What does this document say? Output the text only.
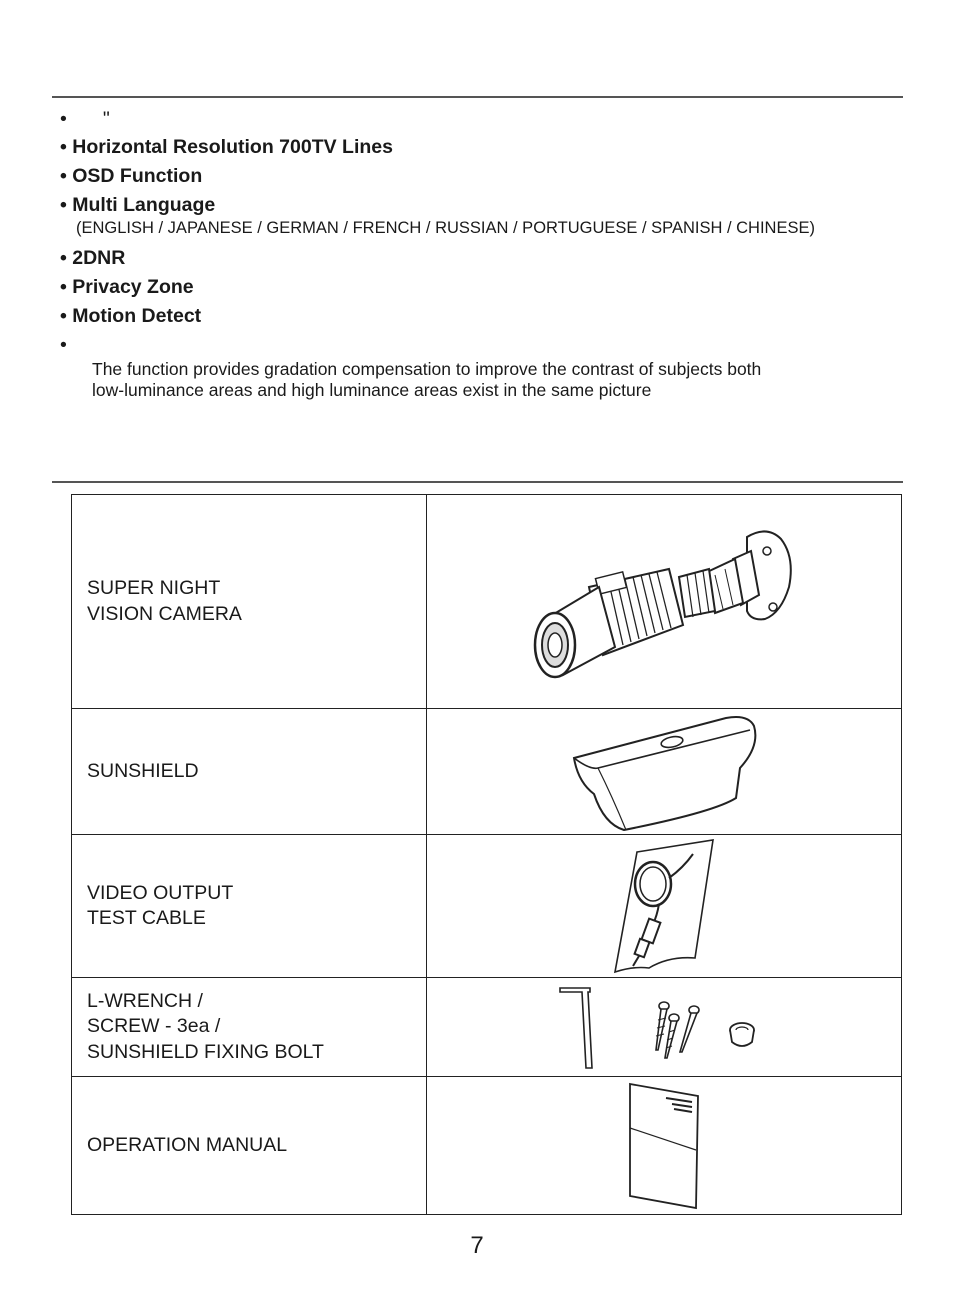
• "
• Horizontal Resolution 700TV Lines
• OSD Function
• Multi Language
(ENGLISH / JAPANESE / GERMAN / FRENCH / RUSSIAN / PORTUGUESE / SPANISH / CHINESE)
• 2DNR
• Privacy Zone
• Motion Detect
•
The function provides gradation compensation to improve the contrast of subjects both
low-luminance areas and high luminance areas exist in the same picture
SUPER NIGHT
VISION CAMERA

SUNSHIELD

VIDEO OUTPUT
TEST CABLE

L-WRENCH /
SCREW - 3ea /
SUNSHIELD FIXING BOLT

OPERATION MANUAL

7
